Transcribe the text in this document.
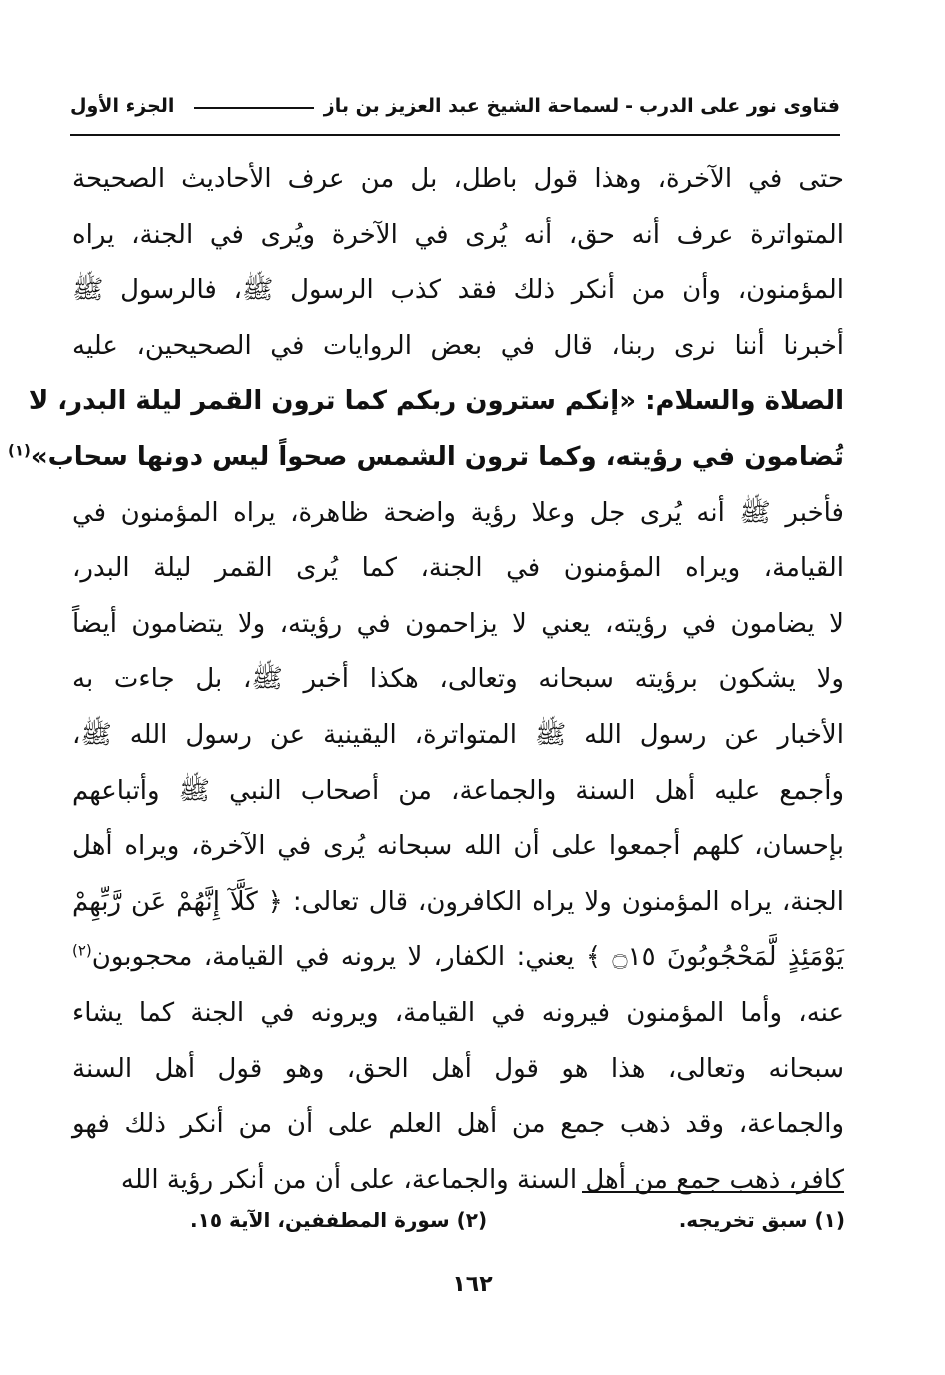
فتاوى نور على الدرب
-
لسماحة الشيخ عبد العزيز بن باز
الجزء الأول
حتى في الآخرة، وهذا قول باطل، بل من عرف الأحاديث الصحيحة
المتواترة عرف أنه حق، أنه يُرى في الآخرة ويُرى في الجنة، يراه
المؤمنون، وأن من أنكر ذلك فقد كذب الرسول ﷺ، فالرسول ﷺ
أخبرنا أننا نرى ربنا، قال في بعض الروايات في الصحيحين، عليه
الصلاة والسلام: «إنكم سترون ربكم كما ترون القمر ليلة البدر، لا
تُضامون في رؤيته، وكما ترون الشمس صحواً ليس دونها سحاب»$^{(١)}$
فأخبر ﷺ أنه يُرى جل وعلا رؤية واضحة ظاهرة، يراه المؤمنون في
القيامة، ويراه المؤمنون في الجنة، كما يُرى القمر ليلة البدر،
لا يضامون في رؤيته، يعني لا يزاحمون في رؤيته، ولا يتضامون أيضاً
ولا يشكون برؤيته سبحانه وتعالى، هكذا أخبر ﷺ، بل جاءت به
الأخبار عن رسول الله ﷺ المتواترة، اليقينية عن رسول الله ﷺ،
وأجمع عليه أهل السنة والجماعة، من أصحاب النبي ﷺ وأتباعهم
بإحسان، كلهم أجمعوا على أن الله سبحانه يُرى في الآخرة، ويراه أهل
الجنة، يراه المؤمنون ولا يراه الكافرون، قال تعالى: ﴿ كَلَّآ إِنَّهُمْ عَن رَّبِّهِمْ
يَوْمَئِذٍ لَّمَحْجُوبُونَ ۝١٥ ﴾ يعني: الكفار، لا يرونه في القيامة، محجوبون$^{(٢)}$
عنه، وأما المؤمنون فيرونه في القيامة، ويرونه في الجنة كما يشاء
سبحانه وتعالى، هذا هو قول أهل الحق، وهو قول أهل السنة
والجماعة، وقد ذهب جمع من أهل العلم على أن من أنكر ذلك فهو
كافر، ذهب جمع من أهل السنة والجماعة، على أن من أنكر رؤية الله
(١) سبق تخريجه.
(٢) سورة المطففين، الآية ١٥.
١٦٢
